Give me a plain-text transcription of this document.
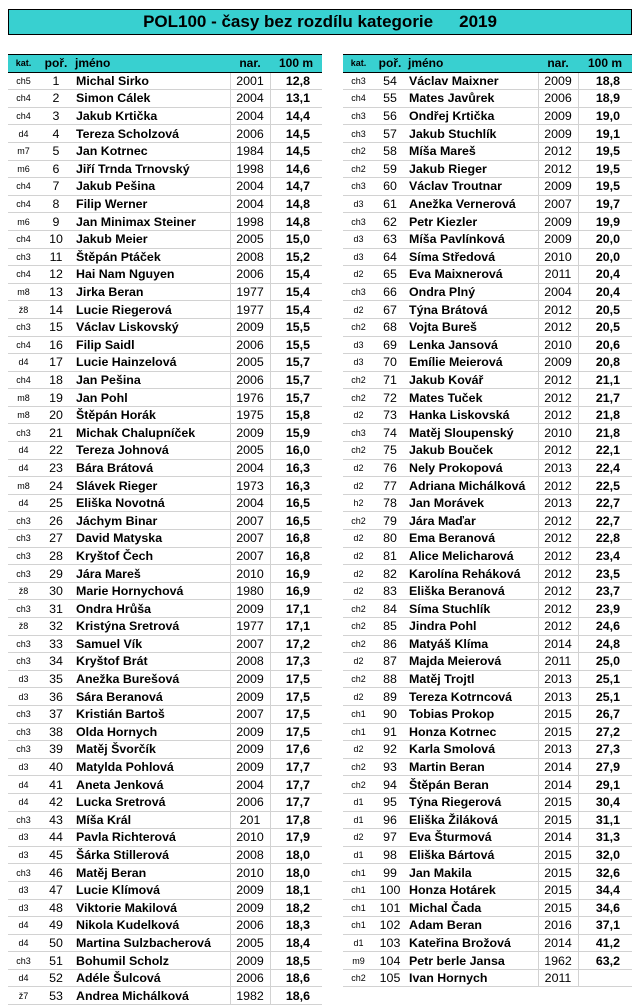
POL100 - časy bez rozdílu kategorie 2019
kat.	poř.	jméno	nar.	100 m
ch5	1	Michal Sirko	2001	12,8
ch4	2	Simon Cálek	2004	13,1
ch4	3	Jakub Krtička	2004	14,4
d4	4	Tereza Scholzová	2006	14,5
m7	5	Jan Kotrnec	1984	14,5
m6	6	Jiří Trnda Trnovský	1998	14,6
ch4	7	Jakub Pešina	2004	14,7
ch4	8	Filip Werner	2004	14,8
m6	9	Jan Minimax Steiner	1998	14,8
ch4	10	Jakub Meier	2005	15,0
ch3	11	Štěpán Ptáček	2008	15,2
ch4	12	Hai Nam Nguyen	2006	15,4
m8	13	Jirka Beran	1977	15,4
ž8	14	Lucie Riegerová	1977	15,4
ch3	15	Václav Liskovský	2009	15,5
ch4	16	Filip Saidl	2006	15,5
d4	17	Lucie Hainzelová	2005	15,7
ch4	18	Jan Pešina	2006	15,7
m8	19	Jan Pohl	1976	15,7
m8	20	Štěpán Horák	1975	15,8
ch3	21	Michak Chalupníček	2009	15,9
d4	22	Tereza Johnová	2005	16,0
d4	23	Bára Brátová	2004	16,3
m8	24	Slávek Rieger	1973	16,3
d4	25	Eliška Novotná	2004	16,5
ch3	26	Jáchym Binar	2007	16,5
ch3	27	David Matyska	2007	16,8
ch3	28	Kryštof Čech	2007	16,8
ch3	29	Jára Mareš	2010	16,9
ž8	30	Marie Hornychová	1980	16,9
ch3	31	Ondra Hrůša	2009	17,1
ž8	32	Kristýna Sretrová	1977	17,1
ch3	33	Samuel Vík	2007	17,2
ch3	34	Kryštof Brát	2008	17,3
d3	35	Anežka Burešová	2009	17,5
d3	36	Sára Beranová	2009	17,5
ch3	37	Kristián Bartoš	2007	17,5
ch3	38	Olda Hornych	2009	17,5
ch3	39	Matěj Švorčík	2009	17,6
d3	40	Matylda Pohlová	2009	17,7
d4	41	Aneta Jenková	2004	17,7
d4	42	Lucka Sretrová	2006	17,7
ch3	43	Míša Král	201	17,8
d3	44	Pavla Richterová	2010	17,9
d3	45	Šárka Stillerová	2008	18,0
ch3	46	Matěj Beran	2010	18,0
d3	47	Lucie Klímová	2009	18,1
d3	48	Viktorie Makilová	2009	18,2
d4	49	Nikola Kudelková	2006	18,3
d4	50	Martina Sulzbacherová	2005	18,4
ch3	51	Bohumil Scholz	2009	18,5
d4	52	Adéle Šulcová	2006	18,6
ž7	53	Andrea Michálková	1982	18,6
kat.	poř.	jméno	nar.	100 m
ch3	54	Václav Maixner	2009	18,8
ch4	55	Mates Javůrek	2006	18,9
ch3	56	Ondřej Krtička	2009	19,0
ch3	57	Jakub Stuchlík	2009	19,1
ch2	58	Míša Mareš	2012	19,5
ch2	59	Jakub Rieger	2012	19,5
ch3	60	Václav Troutnar	2009	19,5
d3	61	Anežka Vernerová	2007	19,7
ch3	62	Petr Kiezler	2009	19,9
d3	63	Míša Pavlínková	2009	20,0
d3	64	Síma Středová	2010	20,0
d2	65	Eva Maixnerová	2011	20,4
ch3	66	Ondra Plný	2004	20,4
d2	67	Týna Brátová	2012	20,5
ch2	68	Vojta Bureš	2012	20,5
d3	69	Lenka Jansová	2010	20,6
d3	70	Emílie Meierová	2009	20,8
ch2	71	Jakub Kovář	2012	21,1
ch2	72	Mates Tuček	2012	21,7
d2	73	Hanka Liskovská	2012	21,8
ch3	74	Matěj Sloupenský	2010	21,8
ch2	75	Jakub Bouček	2012	22,1
d2	76	Nely Prokopová	2013	22,4
d2	77	Adriana Michálková	2012	22,5
h2	78	Jan Morávek	2013	22,7
ch2	79	Jára Maďar	2012	22,7
d2	80	Ema Beranová	2012	22,8
d2	81	Alice Melicharová	2012	23,4
d2	82	Karolína Reháková	2012	23,5
d2	83	Eliška Beranová	2012	23,7
ch2	84	Síma Stuchlík	2012	23,9
ch2	85	Jindra Pohl	2012	24,6
ch2	86	Matyáš Klíma	2014	24,8
d2	87	Majda Meierová	2011	25,0
ch2	88	Matěj Trojtl	2013	25,1
d2	89	Tereza Kotrncová	2013	25,1
ch1	90	Tobias Prokop	2015	26,7
ch1	91	Honza Kotrnec	2015	27,2
d2	92	Karla Smolová	2013	27,3
ch2	93	Martin Beran	2014	27,9
ch2	94	Štěpán Beran	2014	29,1
d1	95	Týna Riegerová	2015	30,4
d1	96	Eliška Žiláková	2015	31,1
d2	97	Eva Šturmová	2014	31,3
d1	98	Eliška Bártová	2015	32,0
ch1	99	Jan Makila	2015	32,6
ch1	100	Honza Hotárek	2015	34,4
ch1	101	Michal Čada	2015	34,6
ch1	102	Adam Beran	2016	37,1
d1	103	Kateřina Brožová	2014	41,2
m9	104	Petr berle Jansa	1962	63,2
ch2	105	Ivan Hornych	2011	
